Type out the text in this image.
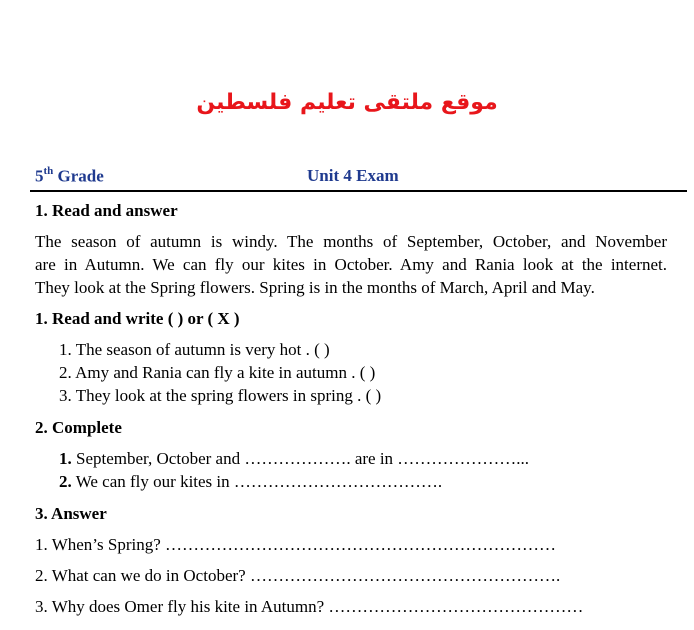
موقع ملتقى تعليم فلسطين
5th Grade	Unit 4 Exam
1. Read and answer
The season of autumn is windy. The months of September, October, and November
are in Autumn. We can fly our kites in October. Amy and Rania look at the internet.
They look at the Spring flowers. Spring is in the months of March, April and May.
1. Read and write ( ) or ( X )
1. The season of autumn is very hot . ( )
2. Amy and Rania can fly a kite in autumn . ( )
3. They look at the spring flowers in spring . ( )
2. Complete
1. September, October and ………………. are in …………………...
2. We can fly our kites in ……………………………….
3. Answer
1. When’s Spring? ……………………………………………………………
2. What can we do in October? ……………………………………………….
3. Why does Omer fly his kite in Autumn? ………………………………………
